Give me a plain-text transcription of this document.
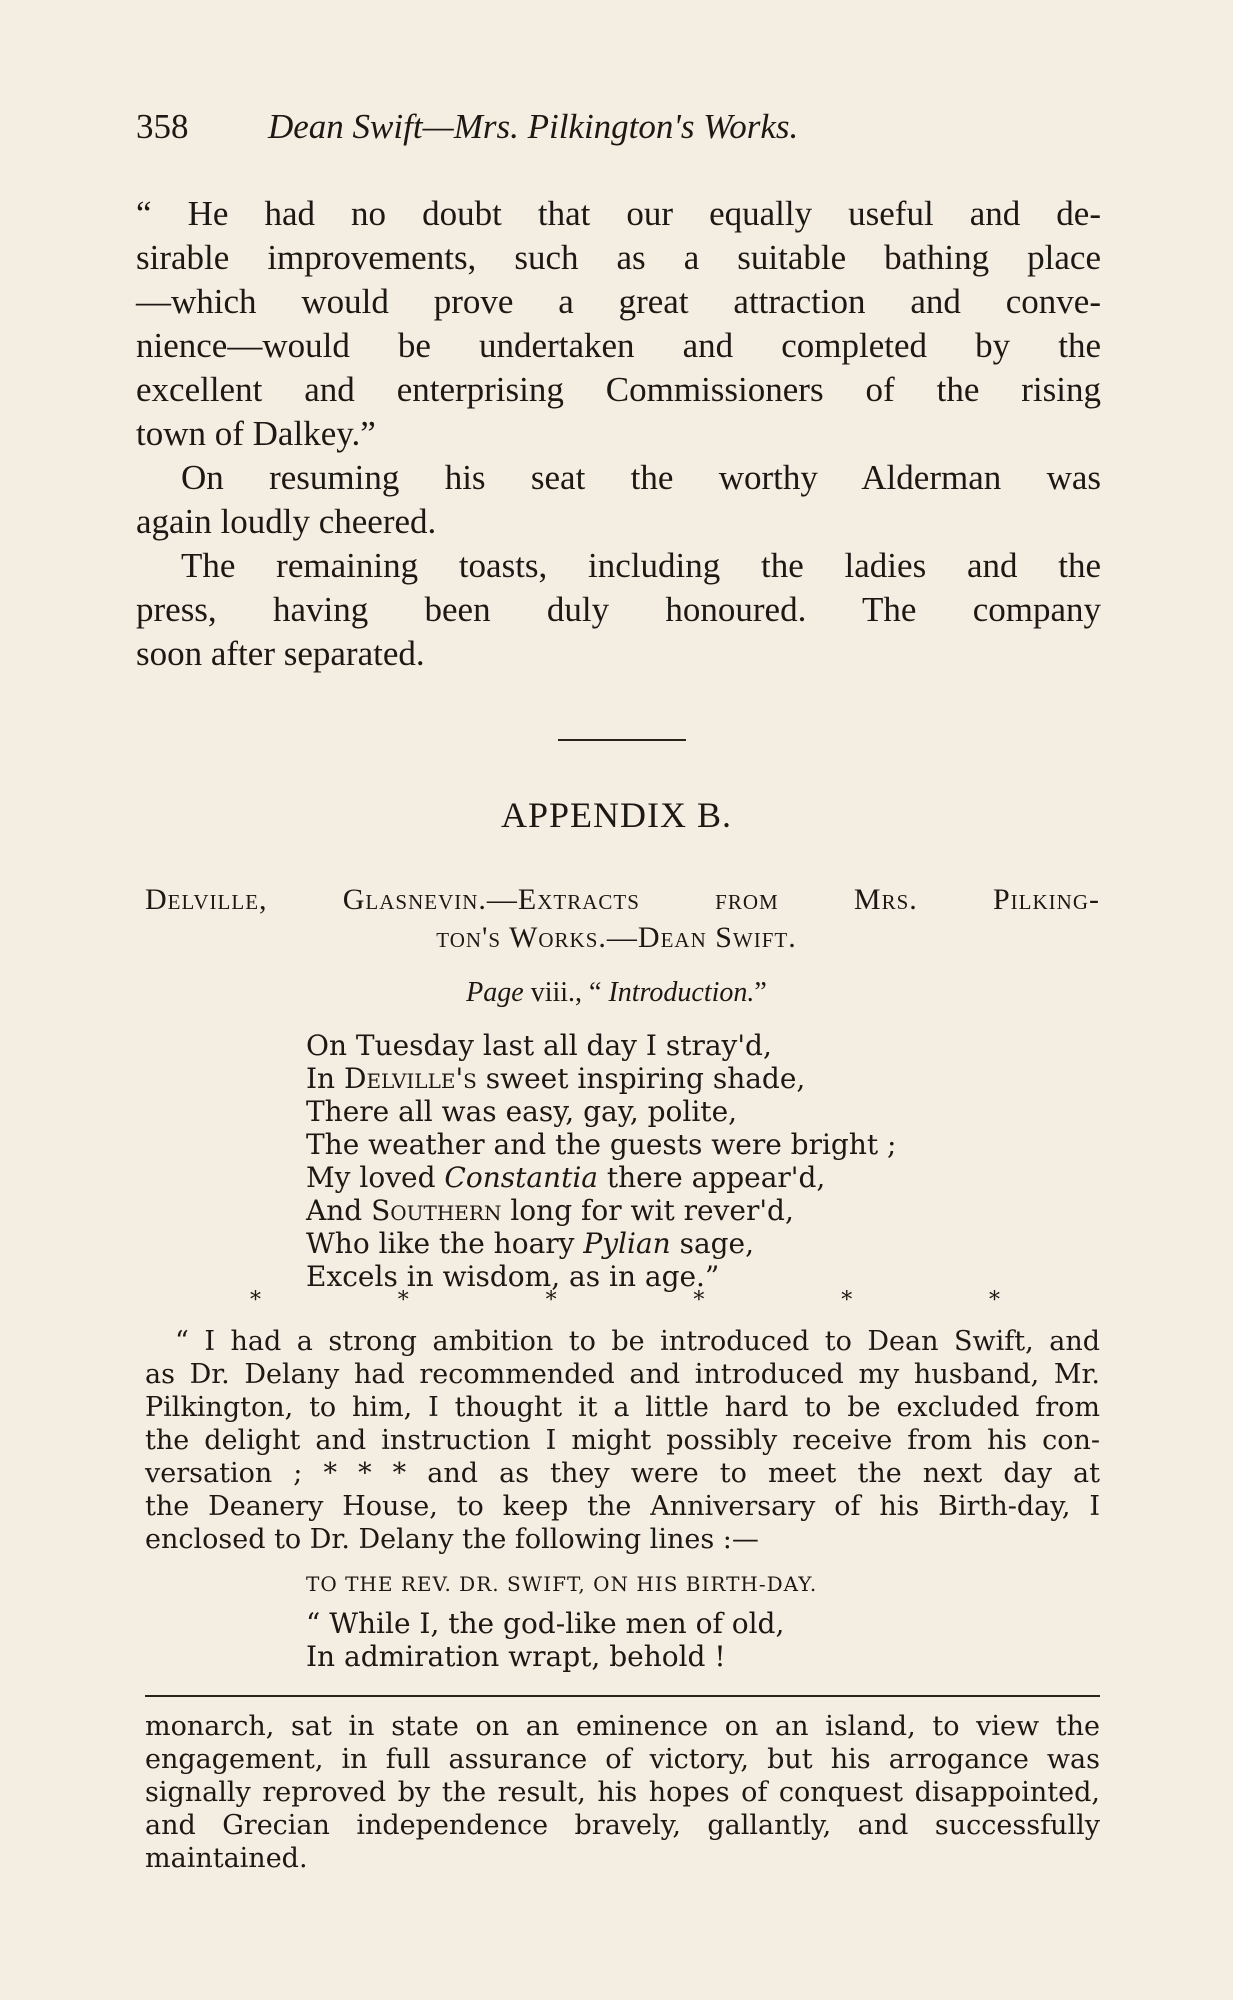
358 Dean Swift—Mrs. Pilkington's Works.
“ He had no doubt that our equally useful and de-
sirable improvements, such as a suitable bathing place
—which would prove a great attraction and conve-
nience—would be undertaken and completed by the
excellent and enterprising Commissioners of the rising
town of Dalkey.”
On resuming his seat the worthy Alderman was
again loudly cheered.
The remaining toasts, including the ladies and the
press, having been duly honoured. The company
soon after separated.
APPENDIX B.
Delville, Glasnevin.—Extracts from Mrs. Pilking-
ton's Works.—Dean Swift.
Page viii., “ Introduction.”
On Tuesday last all day I stray'd,
In Delville's sweet inspiring shade,
There all was easy, gay, polite,
The weather and the guests were bright ;
My loved Constantia there appear'd,
And Southern long for wit rever'd,
Who like the hoary Pylian sage,
Excels in wisdom, as in age.”
*	*	*	*	*	*
“ I had a strong ambition to be introduced to Dean Swift, and
as Dr. Delany had recommended and introduced my husband, Mr.
Pilkington, to him, I thought it a little hard to be excluded from
the delight and instruction I might possibly receive from his con-
versation ; * * * and as they were to meet the next day at
the Deanery House, to keep the Anniversary of his Birth-day, I
enclosed to Dr. Delany the following lines :—
TO THE REV. DR. SWIFT, ON HIS BIRTH-DAY.
“ While I, the god-like men of old,
In admiration wrapt, behold !
monarch, sat in state on an eminence on an island, to view the
engagement, in full assurance of victory, but his arrogance was
signally reproved by the result, his hopes of conquest disappointed,
and Grecian independence bravely, gallantly, and successfully
maintained.
